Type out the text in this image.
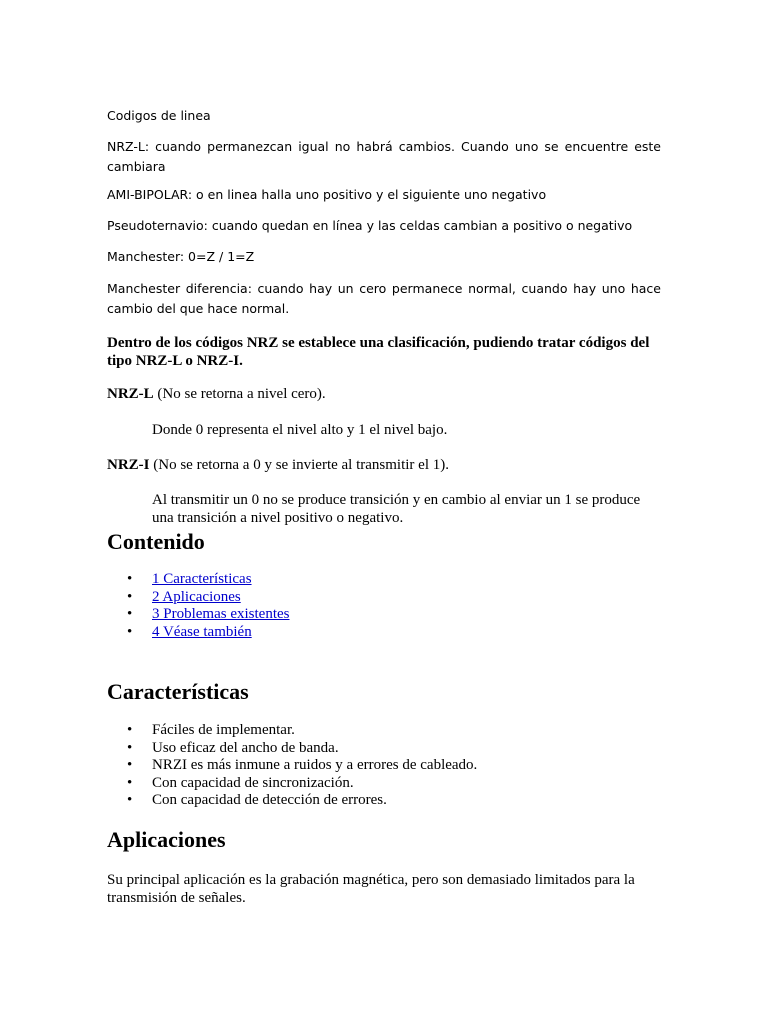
Codigos de linea

NRZ-L: cuando permanezcan igual no habrá cambios. Cuando uno se encuentre este cambiara

AMI-BIPOLAR: o en linea halla uno positivo y el siguiente uno negativo

Pseudoternavio: cuando quedan en línea y las celdas cambian a positivo o negativo

Manchester: 0=Z / 1=Z

Manchester diferencia: cuando hay un cero permanece normal, cuando hay uno hace cambio del que hace normal.

Dentro de los códigos NRZ se establece una clasificación, pudiendo tratar códigos del tipo NRZ-L o NRZ-I.

NRZ-L (No se retorna a nivel cero).

Donde 0 representa el nivel alto y 1 el nivel bajo.

NRZ-I (No se retorna a 0 y se invierte al transmitir el 1).

Al transmitir un 0 no se produce transición y en cambio al enviar un 1 se produce una transición a nivel positivo o negativo.

Contenido
• 1 Características
• 2 Aplicaciones
• 3 Problemas existentes
• 4 Véase también
Características
• Fáciles de implementar.
• Uso eficaz del ancho de banda.
• NRZI es más inmune a ruidos y a errores de cableado.
• Con capacidad de sincronización.
• Con capacidad de detección de errores.
Aplicaciones

Su principal aplicación es la grabación magnética, pero son demasiado limitados para la transmisión de señales.
